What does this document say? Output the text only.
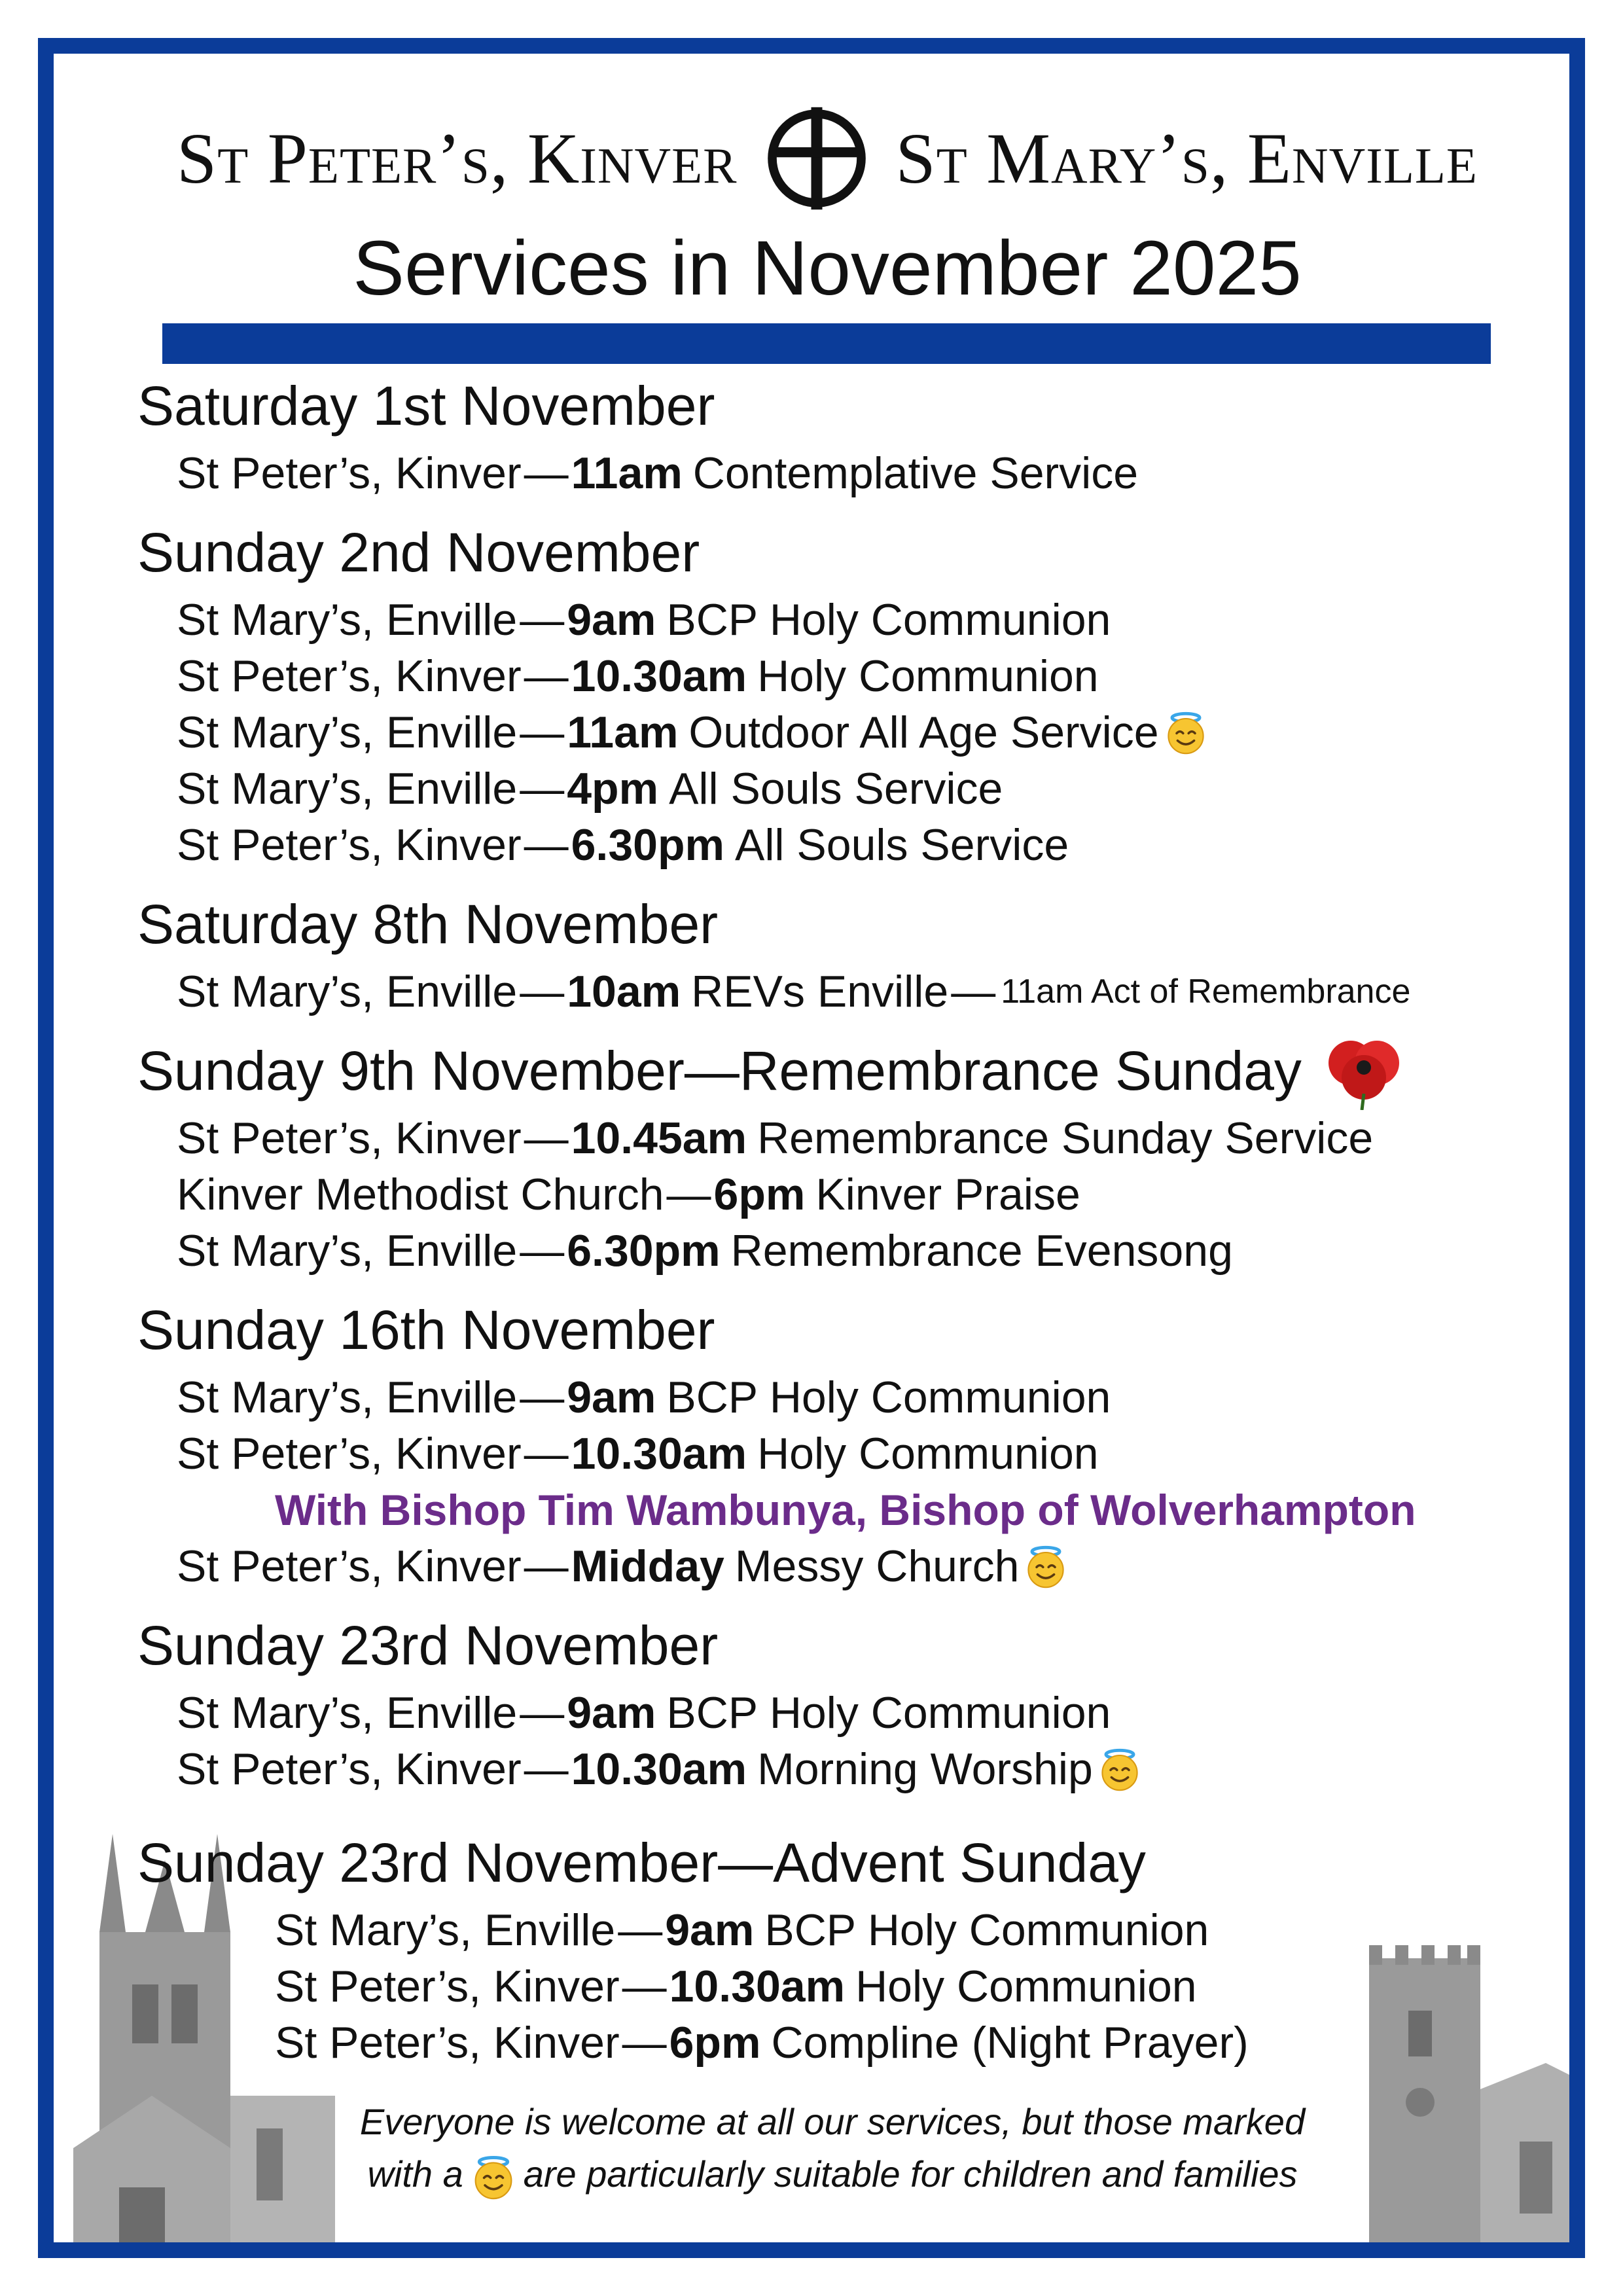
St Peter’s, Kinver St Mary’s, Enville
Services in November 2025
Saturday 1st November
St Peter’s, Kinver — 11am Contemplative Service
Sunday 2nd November
St Mary’s, Enville — 9am BCP Holy Communion
St Peter’s, Kinver — 10.30am Holy Communion
St Mary’s, Enville — 11am Outdoor All Age Service
St Mary’s, Enville — 4pm All Souls Service
St Peter’s, Kinver — 6.30pm All Souls Service
Saturday 8th November
St Mary’s, Enville — 10am REVs Enville — 11am Act of Remembrance
Sunday 9th November—Remembrance Sunday
St Peter’s, Kinver — 10.45am Remembrance Sunday Service
Kinver Methodist Church — 6pm Kinver Praise
St Mary’s, Enville — 6.30pm Remembrance Evensong
Sunday 16th November
St Mary’s, Enville — 9am BCP Holy Communion
St Peter’s, Kinver — 10.30am Holy Communion
With Bishop Tim Wambunya, Bishop of Wolverhampton
St Peter’s, Kinver — Midday Messy Church
Sunday 23rd November
St Mary’s, Enville — 9am BCP Holy Communion
St Peter’s, Kinver — 10.30am Morning Worship
Sunday 23rd November—Advent Sunday
St Mary’s, Enville — 9am BCP Holy Communion
St Peter’s, Kinver — 10.30am Holy Communion
St Peter’s, Kinver — 6pm Compline (Night Prayer)
Everyone is welcome at all our services, but those marked
with a are particularly suitable for children and families
